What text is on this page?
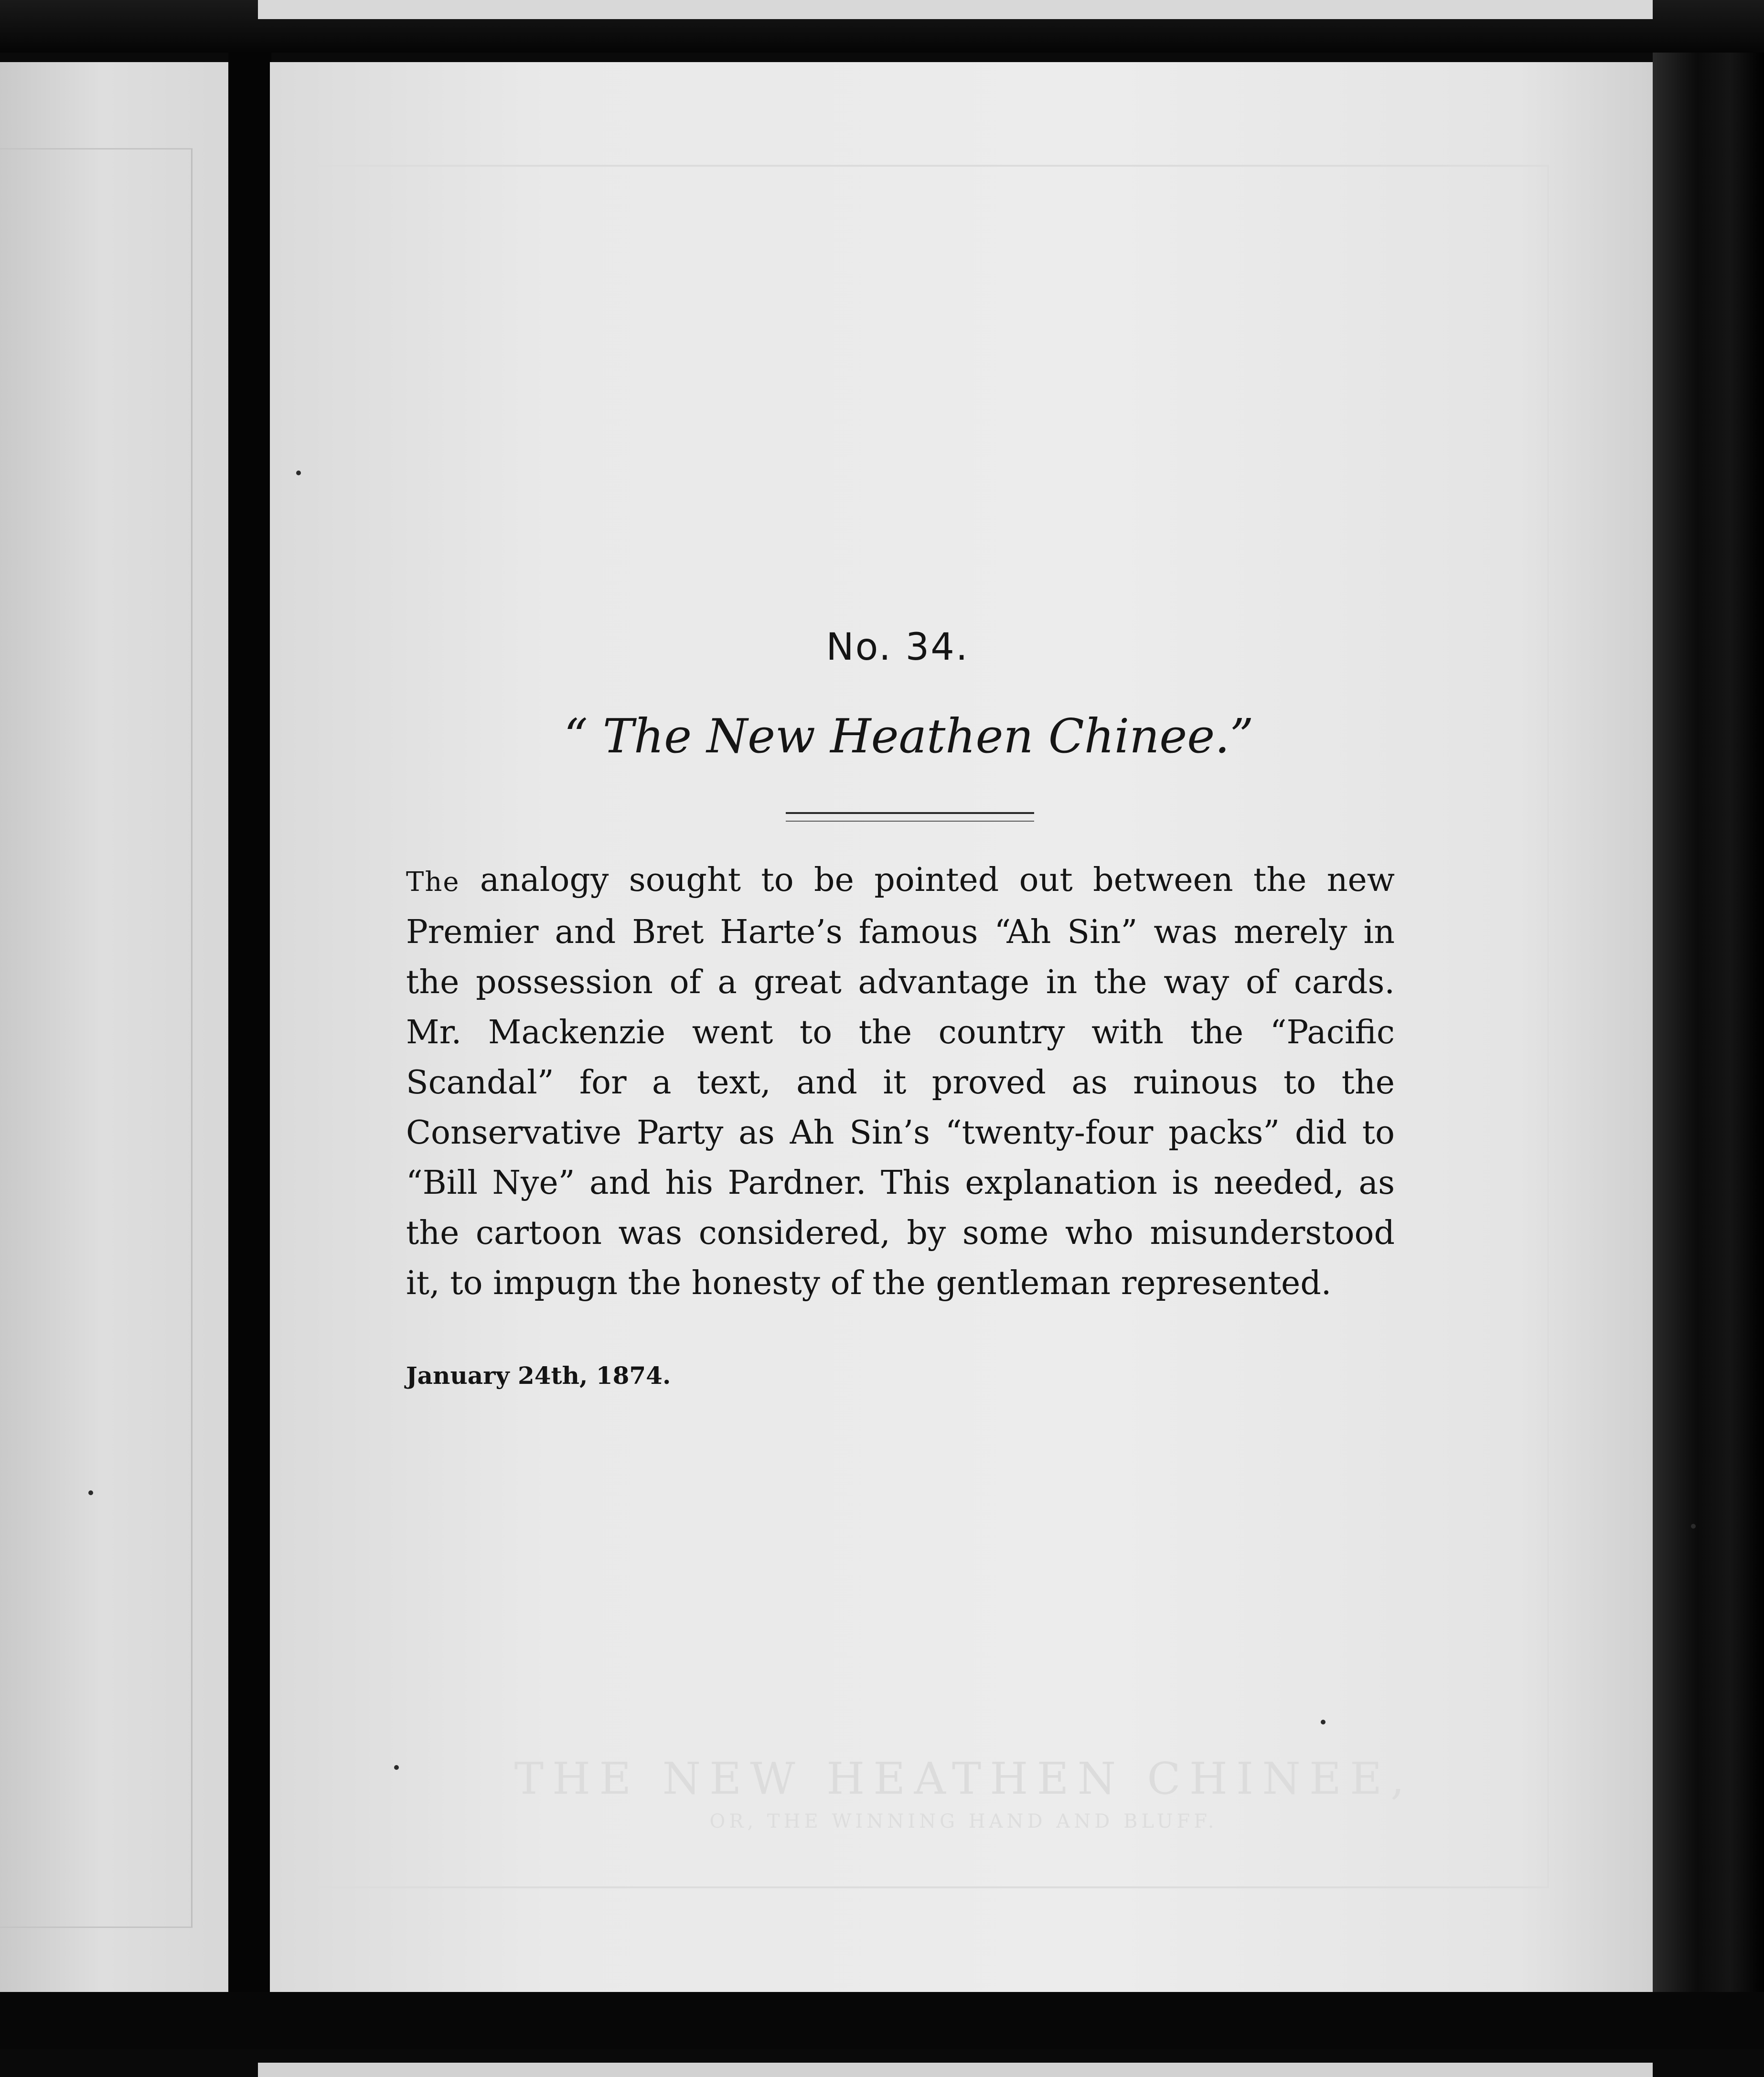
THE NEW HEATHEN CHINEE,
OR, THE WINNING HAND AND BLUFF.
No. 34.
“ The New Heathen Chinee.”
The analogy sought to be pointed out between the new Premier and Bret Harte’s famous “Ah Sin” was merely in the possession of a great advantage in the way of cards. Mr. Mackenzie went to the country with the “Pacific Scandal” for a text, and it proved as ruinous to the Conservative Party as Ah Sin’s “twenty-four packs” did to “Bill Nye” and his Pardner. This explanation is needed, as the cartoon was considered, by some who misunderstood it, to impugn the honesty of the gentleman represented.
January 24th, 1874.
